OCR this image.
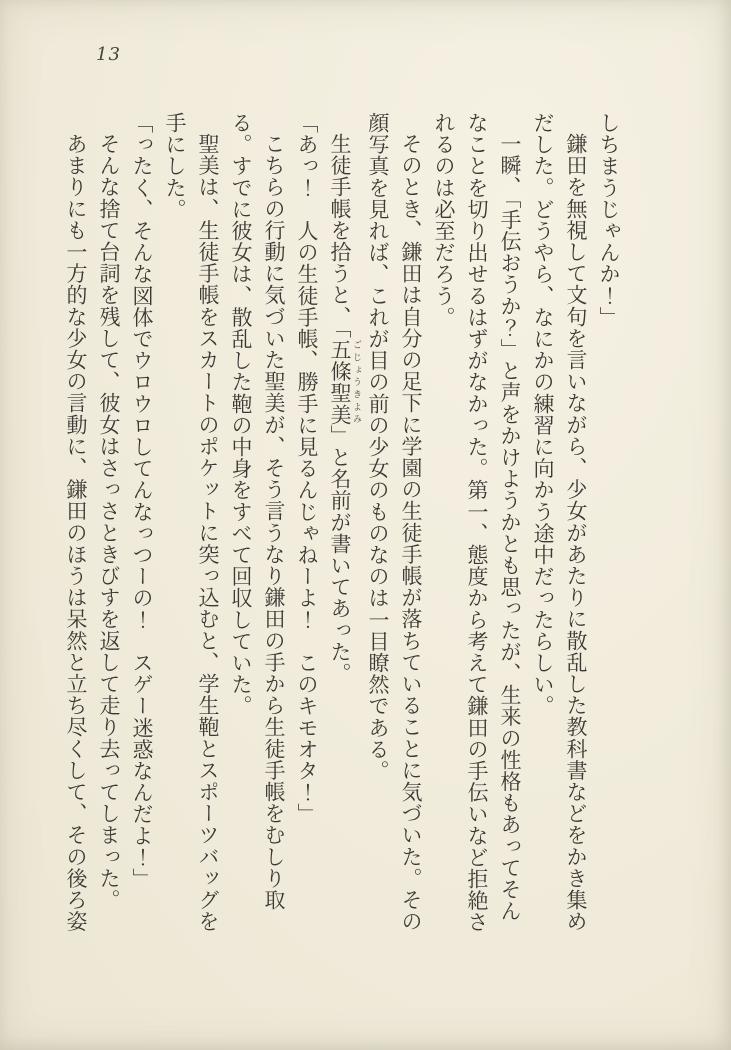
13

しちまうじゃんか！」

鎌田を無視して文句を言いながら、少女があたりに散乱した教科書などをかき集めだした。どうやら、なにかの練習に向かう途中だったらしい。

一瞬、「手伝おうか？」と声をかけようかとも思ったが、生来の性格もあってそんなことを切り出せるはずがなかった。第一、態度から考えて鎌田の手伝いなど拒絶されるのは必至だろう。

そのとき、鎌田は自分の足下に学園の生徒手帳が落ちていることに気づいた。その顔写真を見れば、これが目の前の少女のものなのは一目瞭然である。

生徒手帳を拾うと、「五條聖美 ごじょうきよみ」と名前が書いてあった。

「あっ！　人の生徒手帳、勝手に見るんじゃねーよ！　このキモオタ！」

こちらの行動に気づいた聖美が、そう言うなり鎌田の手から生徒手帳をむしり取る。すでに彼女は、散乱した鞄の中身をすべて回収していた。

聖美は、生徒手帳をスカートのポケットに突っ込むと、学生鞄とスポーツバッグを手にした。

「ったく、そんな図体でウロウロしてんなっつーの！　スゲー迷惑なんだよ！」

そんな捨て台詞を残して、彼女はさっさときびすを返して走り去ってしまった。

あまりにも一方的な少女の言動に、鎌田のほうは呆然と立ち尽くして、その後ろ姿
